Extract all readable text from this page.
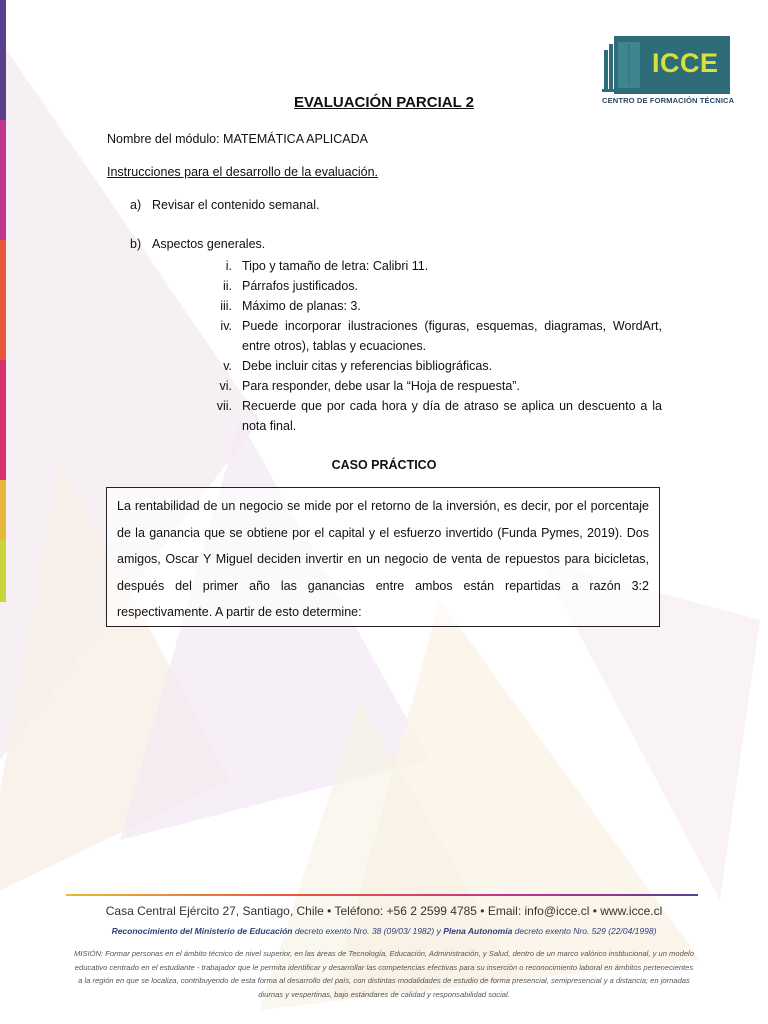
ICCE
CENTRO DE FORMACIÓN TÉCNICA
EVALUACIÓN PARCIAL 2
Nombre del módulo: MATEMÁTICA APLICADA
Instrucciones para el desarrollo de la evaluación.
a) Revisar el contenido semanal.
b) Aspectos generales.
i. Tipo y tamaño de letra: Calibri 11.
ii. Párrafos justificados.
iii. Máximo de planas: 3.
iv. Puede incorporar ilustraciones (figuras, esquemas, diagramas, WordArt, entre otros), tablas y ecuaciones.
v. Debe incluir citas y referencias bibliográficas.
vi. Para responder, debe usar la “Hoja de respuesta”.
vii. Recuerde que por cada hora y día de atraso se aplica un descuento a la nota final.
CASO PRÁCTICO
La rentabilidad de un negocio se mide por el retorno de la inversión, es decir, por el porcentaje de la ganancia que se obtiene por el capital y el esfuerzo invertido (Funda Pymes, 2019). Dos amigos, Oscar Y Miguel deciden invertir en un negocio de venta de repuestos para bicicletas, después del primer año las ganancias entre ambos están repartidas a razón 3:2 respectivamente. A partir de esto determine:
Casa Central Ejército 27, Santiago, Chile • Teléfono: +56 2 2599 4785 • Email: info@icce.cl • www.icce.cl
Reconocimiento del Ministerio de Educación decreto exento Nro. 38 (09/03/ 1982) y Plena Autonomía decreto exento Nro. 529 (22/04/1998)
MISIÓN: Formar personas en el ámbito técnico de nivel superior, en las áreas de Tecnología, Educación, Administración, y Salud, dentro de un marco valórico institucional, y un modelo educativo centrado en el estudiante - trabajador que le permita identificar y desarrollar las competencias efectivas para su inserción o reconocimiento laboral en ámbitos pertenecientes a la región en que se localiza, contribuyendo de esta forma al desarrollo del país, con distintas modalidades de estudio de forma presencial, semipresencial y a distancia; en jornadas diurnas y vespertinas, bajo estándares de calidad y responsabilidad social.
